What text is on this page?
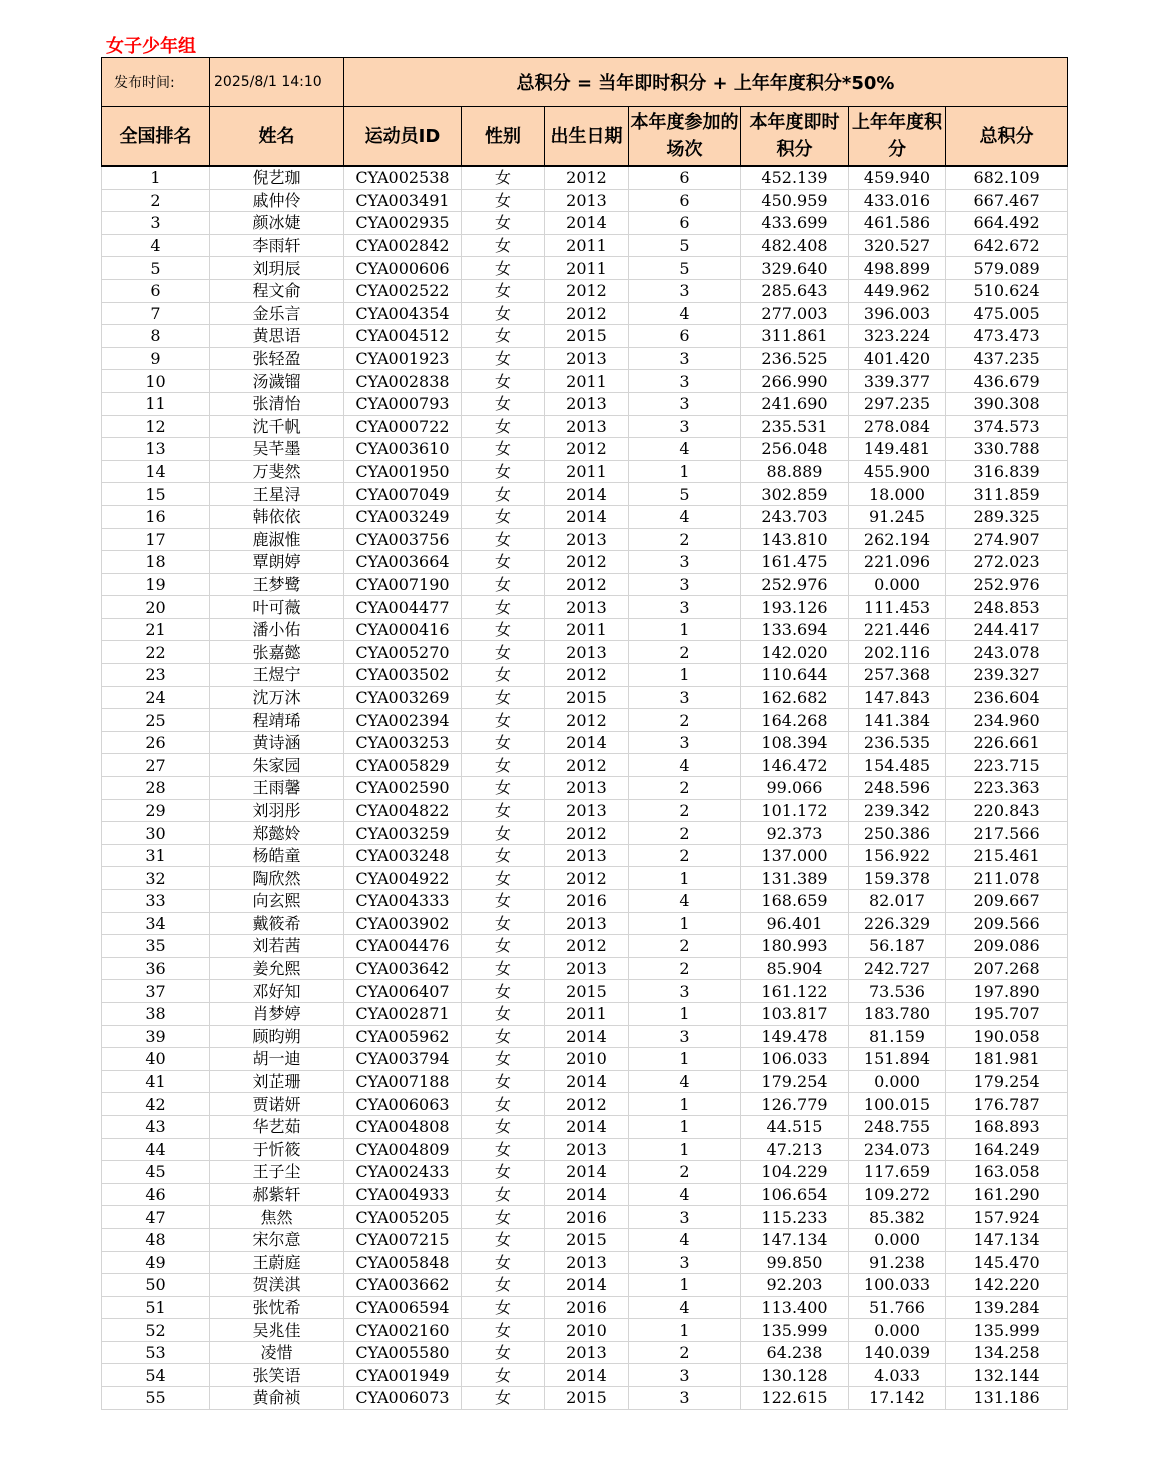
女子少年组
发布时间:	2025/8/1 14:10	总积分 = 当年即时积分 + 上年年度积分*50%						
全国排名	姓名	运动员ID	性别	出生日期	本年度参加的场次	本年度即时积分	上年年度积分	总积分
1	倪艺珈	CYA002538	女	2012	6	452.139	459.940	682.109
2	戚仲伶	CYA003491	女	2013	6	450.959	433.016	667.467
3	颜冰婕	CYA002935	女	2014	6	433.699	461.586	664.492
4	李雨轩	CYA002842	女	2011	5	482.408	320.527	642.672
5	刘玥辰	CYA000606	女	2011	5	329.640	498.899	579.089
6	程文俞	CYA002522	女	2012	3	285.643	449.962	510.624
7	金乐言	CYA004354	女	2012	4	277.003	396.003	475.005
8	黄思语	CYA004512	女	2015	6	311.861	323.224	473.473
9	张轻盈	CYA001923	女	2013	3	236.525	401.420	437.235
10	汤濊镏	CYA002838	女	2011	3	266.990	339.377	436.679
11	张清怡	CYA000793	女	2013	3	241.690	297.235	390.308
12	沈千帆	CYA000722	女	2013	3	235.531	278.084	374.573
13	吴芊墨	CYA003610	女	2012	4	256.048	149.481	330.788
14	万斐然	CYA001950	女	2011	1	88.889	455.900	316.839
15	王星浔	CYA007049	女	2014	5	302.859	18.000	311.859
16	韩依依	CYA003249	女	2014	4	243.703	91.245	289.325
17	鹿淑惟	CYA003756	女	2013	2	143.810	262.194	274.907
18	覃朗婷	CYA003664	女	2012	3	161.475	221.096	272.023
19	王梦鹭	CYA007190	女	2012	3	252.976	0.000	252.976
20	叶可薇	CYA004477	女	2013	3	193.126	111.453	248.853
21	潘小佑	CYA000416	女	2011	1	133.694	221.446	244.417
22	张嘉懿	CYA005270	女	2013	2	142.020	202.116	243.078
23	王煜宁	CYA003502	女	2012	1	110.644	257.368	239.327
24	沈万沐	CYA003269	女	2015	3	162.682	147.843	236.604
25	程靖琋	CYA002394	女	2012	2	164.268	141.384	234.960
26	黄诗涵	CYA003253	女	2014	3	108.394	236.535	226.661
27	朱家园	CYA005829	女	2012	4	146.472	154.485	223.715
28	王雨馨	CYA002590	女	2013	2	99.066	248.596	223.363
29	刘羽彤	CYA004822	女	2013	2	101.172	239.342	220.843
30	郑懿姈	CYA003259	女	2012	2	92.373	250.386	217.566
31	杨皓童	CYA003248	女	2013	2	137.000	156.922	215.461
32	陶欣然	CYA004922	女	2012	1	131.389	159.378	211.078
33	向玄熙	CYA004333	女	2016	4	168.659	82.017	209.667
34	戴筱希	CYA003902	女	2013	1	96.401	226.329	209.566
35	刘若茜	CYA004476	女	2012	2	180.993	56.187	209.086
36	姜允熙	CYA003642	女	2013	2	85.904	242.727	207.268
37	邓好知	CYA006407	女	2015	3	161.122	73.536	197.890
38	肖梦婷	CYA002871	女	2011	1	103.817	183.780	195.707
39	顾昀朔	CYA005962	女	2014	3	149.478	81.159	190.058
40	胡一迪	CYA003794	女	2010	1	106.033	151.894	181.981
41	刘芷珊	CYA007188	女	2014	4	179.254	0.000	179.254
42	贾诺妍	CYA006063	女	2012	1	126.779	100.015	176.787
43	华艺茹	CYA004808	女	2014	1	44.515	248.755	168.893
44	于忻筱	CYA004809	女	2013	1	47.213	234.073	164.249
45	王子尘	CYA002433	女	2014	2	104.229	117.659	163.058
46	郝紫轩	CYA004933	女	2014	4	106.654	109.272	161.290
47	焦然	CYA005205	女	2016	3	115.233	85.382	157.924
48	宋尔意	CYA007215	女	2015	4	147.134	0.000	147.134
49	王蔚庭	CYA005848	女	2013	3	99.850	91.238	145.470
50	贺渼淇	CYA003662	女	2014	1	92.203	100.033	142.220
51	张忱希	CYA006594	女	2016	4	113.400	51.766	139.284
52	吴兆佳	CYA002160	女	2010	1	135.999	0.000	135.999
53	凌惜	CYA005580	女	2013	2	64.238	140.039	134.258
54	张笑语	CYA001949	女	2014	3	130.128	4.033	132.144
55	黄俞祯	CYA006073	女	2015	3	122.615	17.142	131.186
